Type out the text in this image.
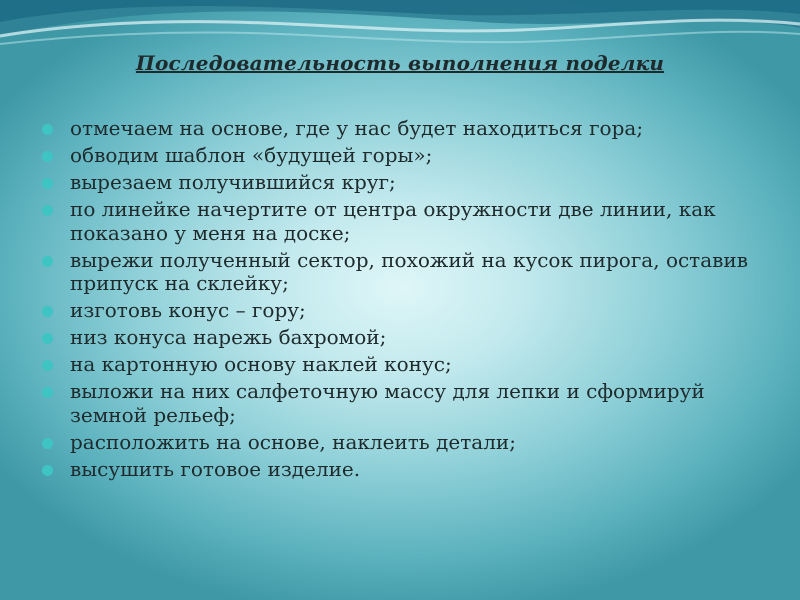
Последовательность выполнения поделки
отмечаем на основе, где у нас будет находиться гора;
обводим шаблон «будущей горы»;
вырезаем получившийся круг;
по линейке начертите от центра окружности две линии, как показано у меня на доске;
вырежи полученный сектор, похожий на кусок пирога, оставив припуск на склейку;
изготовь конус – гору;
низ конуса нарежь бахромой;
на картонную основу наклей конус;
выложи на них салфеточную массу для лепки и сформируй земной рельеф;
расположить на основе, наклеить детали;
высушить готовое изделие.
